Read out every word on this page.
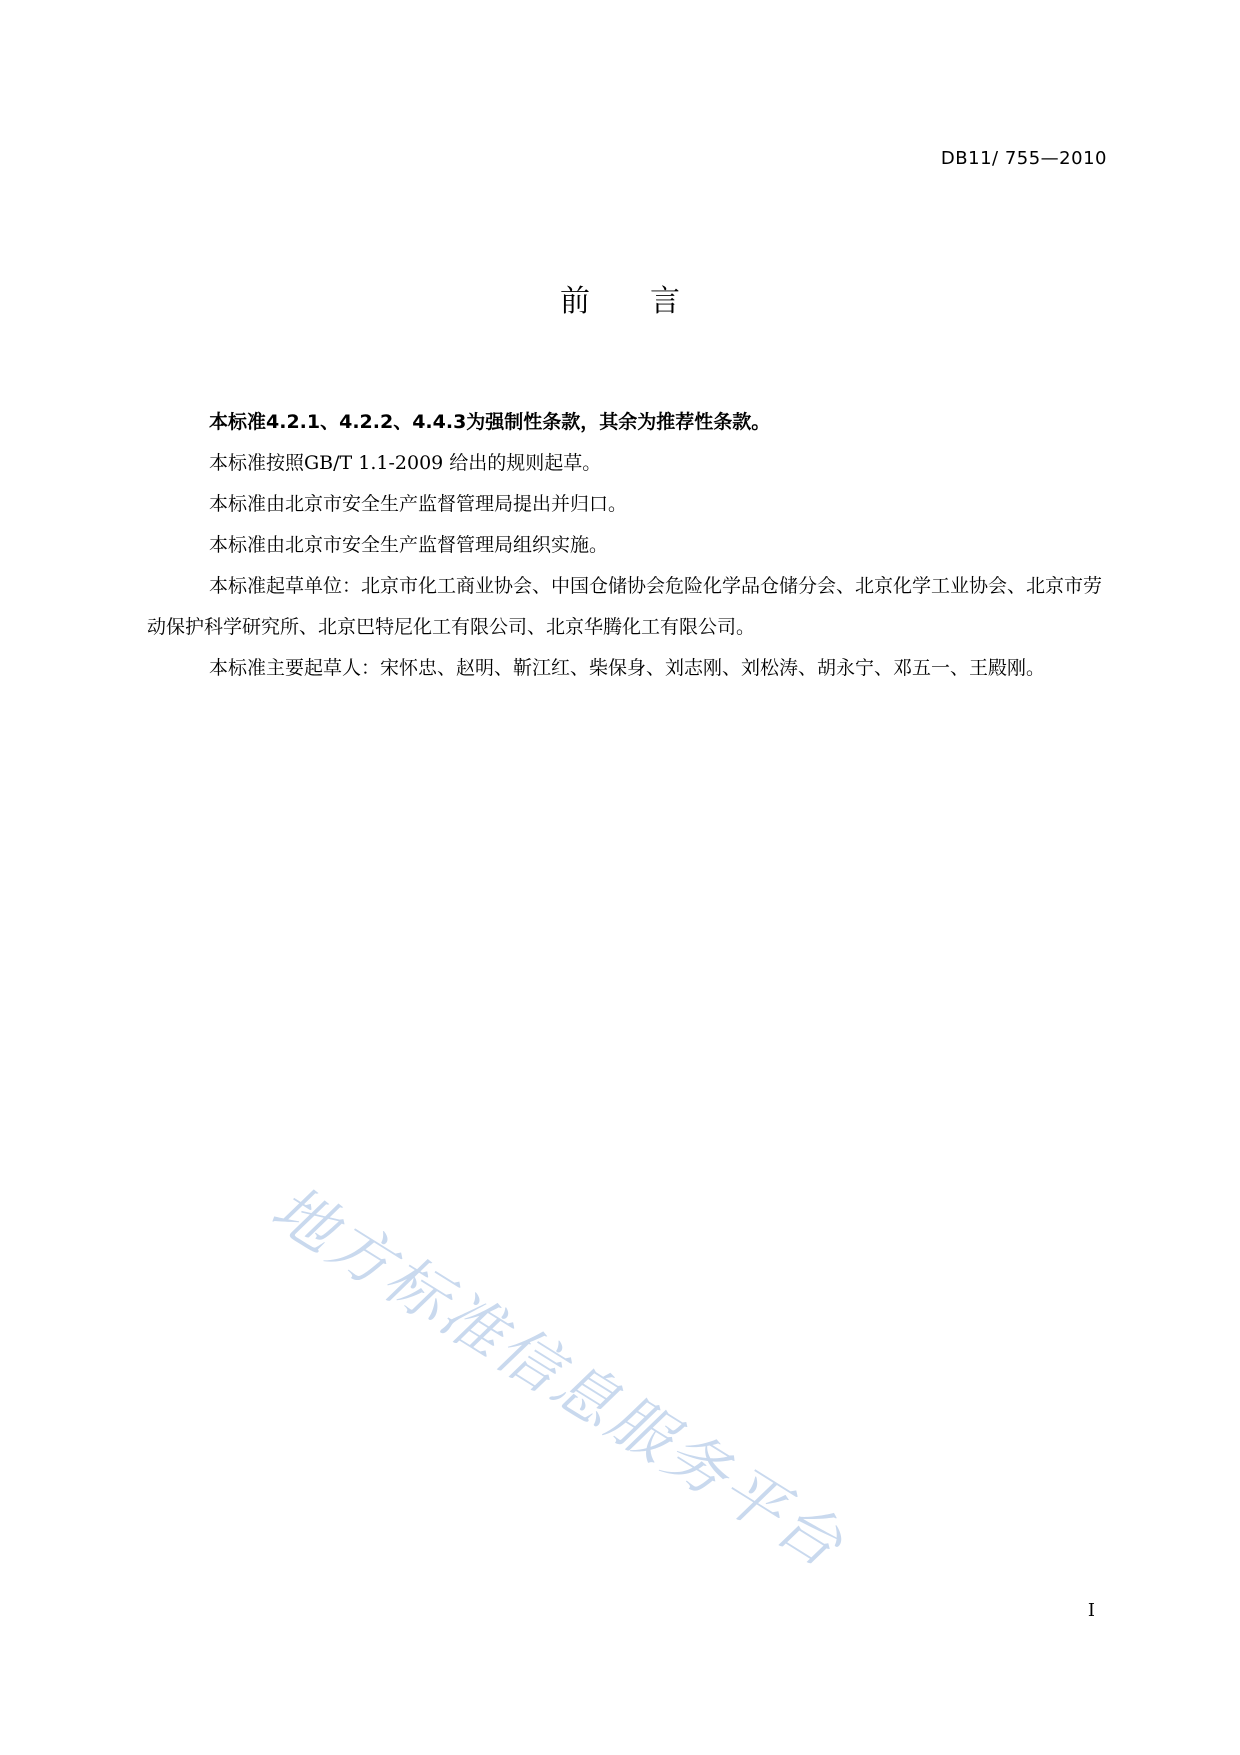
DB11/ 755—2010
前言

本标准4.2.1、4.2.2、4.4.3为强制性条款，其余为推荐性条款。

本标准按照GB/T 1.1-2009 给出的规则起草。

本标准由北京市安全生产监督管理局提出并归口。

本标准由北京市安全生产监督管理局组织实施。

本标准起草单位：北京市化工商业协会、中国仓储协会危险化学品仓储分会、北京化学工业协会、北京市劳动保护科学研究所、北京巴特尼化工有限公司、北京华腾化工有限公司。

本标准主要起草人：宋怀忠、赵明、靳江红、柴保身、刘志刚、刘松涛、胡永宁、邓五一、王殿刚。

地方标准信息服务平台
I
